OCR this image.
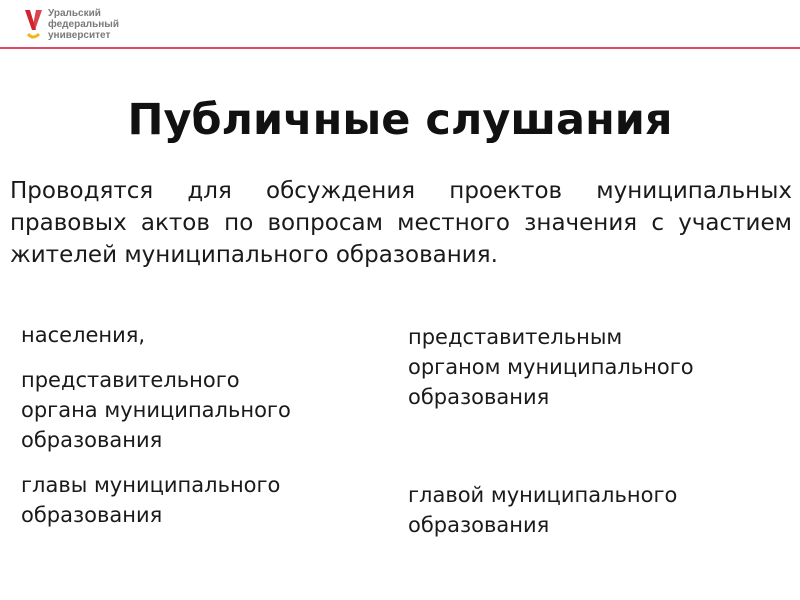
Уральский
федеральный
университет
Публичные слушания

Проводятся для обсуждения проектов муниципальных правовых актов по вопросам местного значения с участием жителей муниципального образования.

населения,
представительного
органа муниципального
образования
главы муниципального
образования
представительным
органом муниципального
образования
главой муниципального
образования
